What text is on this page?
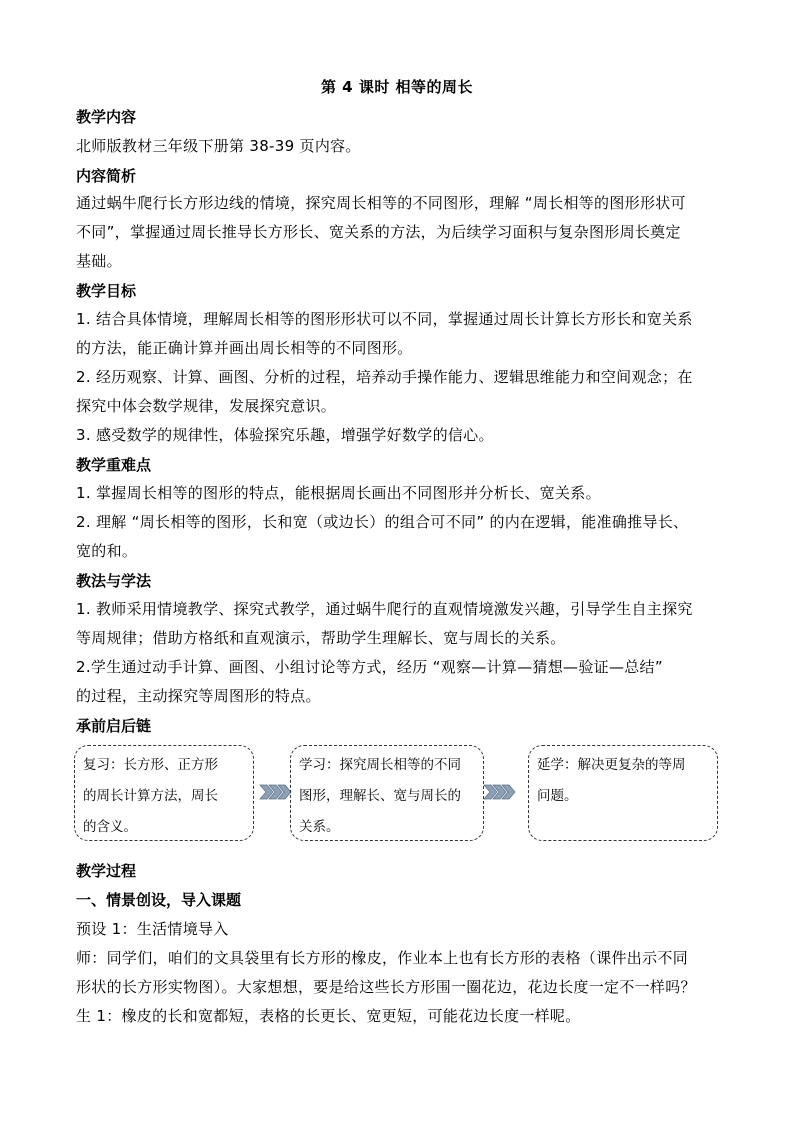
第 4 课时 相等的周长
教学内容
北师版教材三年级下册第 38-39 页内容。
内容简析
通过蜗牛爬行长方形边线的情境，探究周长相等的不同图形，理解 “周长相等的图形形状可
不同”，掌握通过周长推导长方形长、宽关系的方法，为后续学习面积与复杂图形周长奠定
基础。
教学目标
1. 结合具体情境，理解周长相等的图形形状可以不同，掌握通过周长计算长方形长和宽关系
的方法，能正确计算并画出周长相等的不同图形。
2. 经历观察、计算、画图、分析的过程，培养动手操作能力、逻辑思维能力和空间观念；在
探究中体会数学规律，发展探究意识。
3. 感受数学的规律性，体验探究乐趣，增强学好数学的信心。
教学重难点
1. 掌握周长相等的图形的特点，能根据周长画出不同图形并分析长、宽关系。
2. 理解 “周长相等的图形，长和宽（或边长）的组合可不同” 的内在逻辑，能准确推导长、
宽的和。
教法与学法
1. 教师采用情境教学、探究式教学，通过蜗牛爬行的直观情境激发兴趣，引导学生自主探究
等周规律；借助方格纸和直观演示，帮助学生理解长、宽与周长的关系。
2.学生通过动手计算、画图、小组讨论等方式，经历 “观察—计算—猜想—验证—总结”
的过程，主动探究等周图形的特点。
承前启后链
复习：长方形、正方形
的周长计算方法，周长
的含义。
学习：探究周长相等的不同
图形，理解长、宽与周长的
关系。
延学：解决更复杂的等周
问题。
教学过程
一、情景创设，导入课题
预设 1：生活情境导入
师：同学们，咱们的文具袋里有长方形的橡皮，作业本上也有长方形的表格（课件出示不同
形状的长方形实物图）。大家想想，要是给这些长方形围一圈花边，花边长度一定不一样吗？
生 1：橡皮的长和宽都短，表格的长更长、宽更短，可能花边长度一样呢。
